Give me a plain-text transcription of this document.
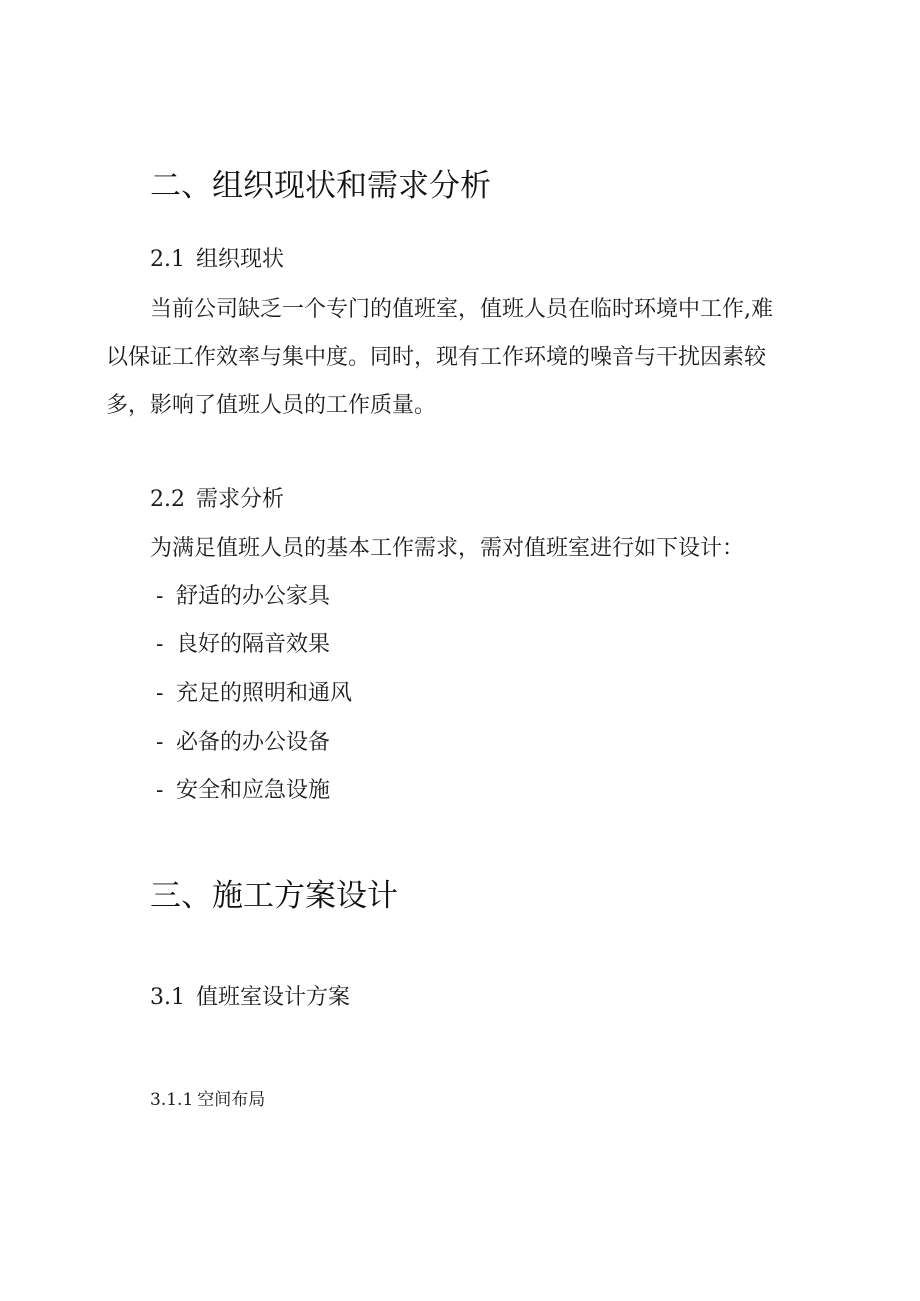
二、组织现状和需求分析
2.1 组织现状
当前公司缺乏一个专门的值班室，值班人员在临时环境中工作,难
以保证工作效率与集中度。同时，现有工作环境的噪音与干扰因素较
多，影响了值班人员的工作质量。
2.2 需求分析
为满足值班人员的基本工作需求，需对值班室进行如下设计：
- 舒适的办公家具
- 良好的隔音效果
- 充足的照明和通风
- 必备的办公设备
- 安全和应急设施
三、施工方案设计
3.1 值班室设计方案
3.1.1 空间布局
